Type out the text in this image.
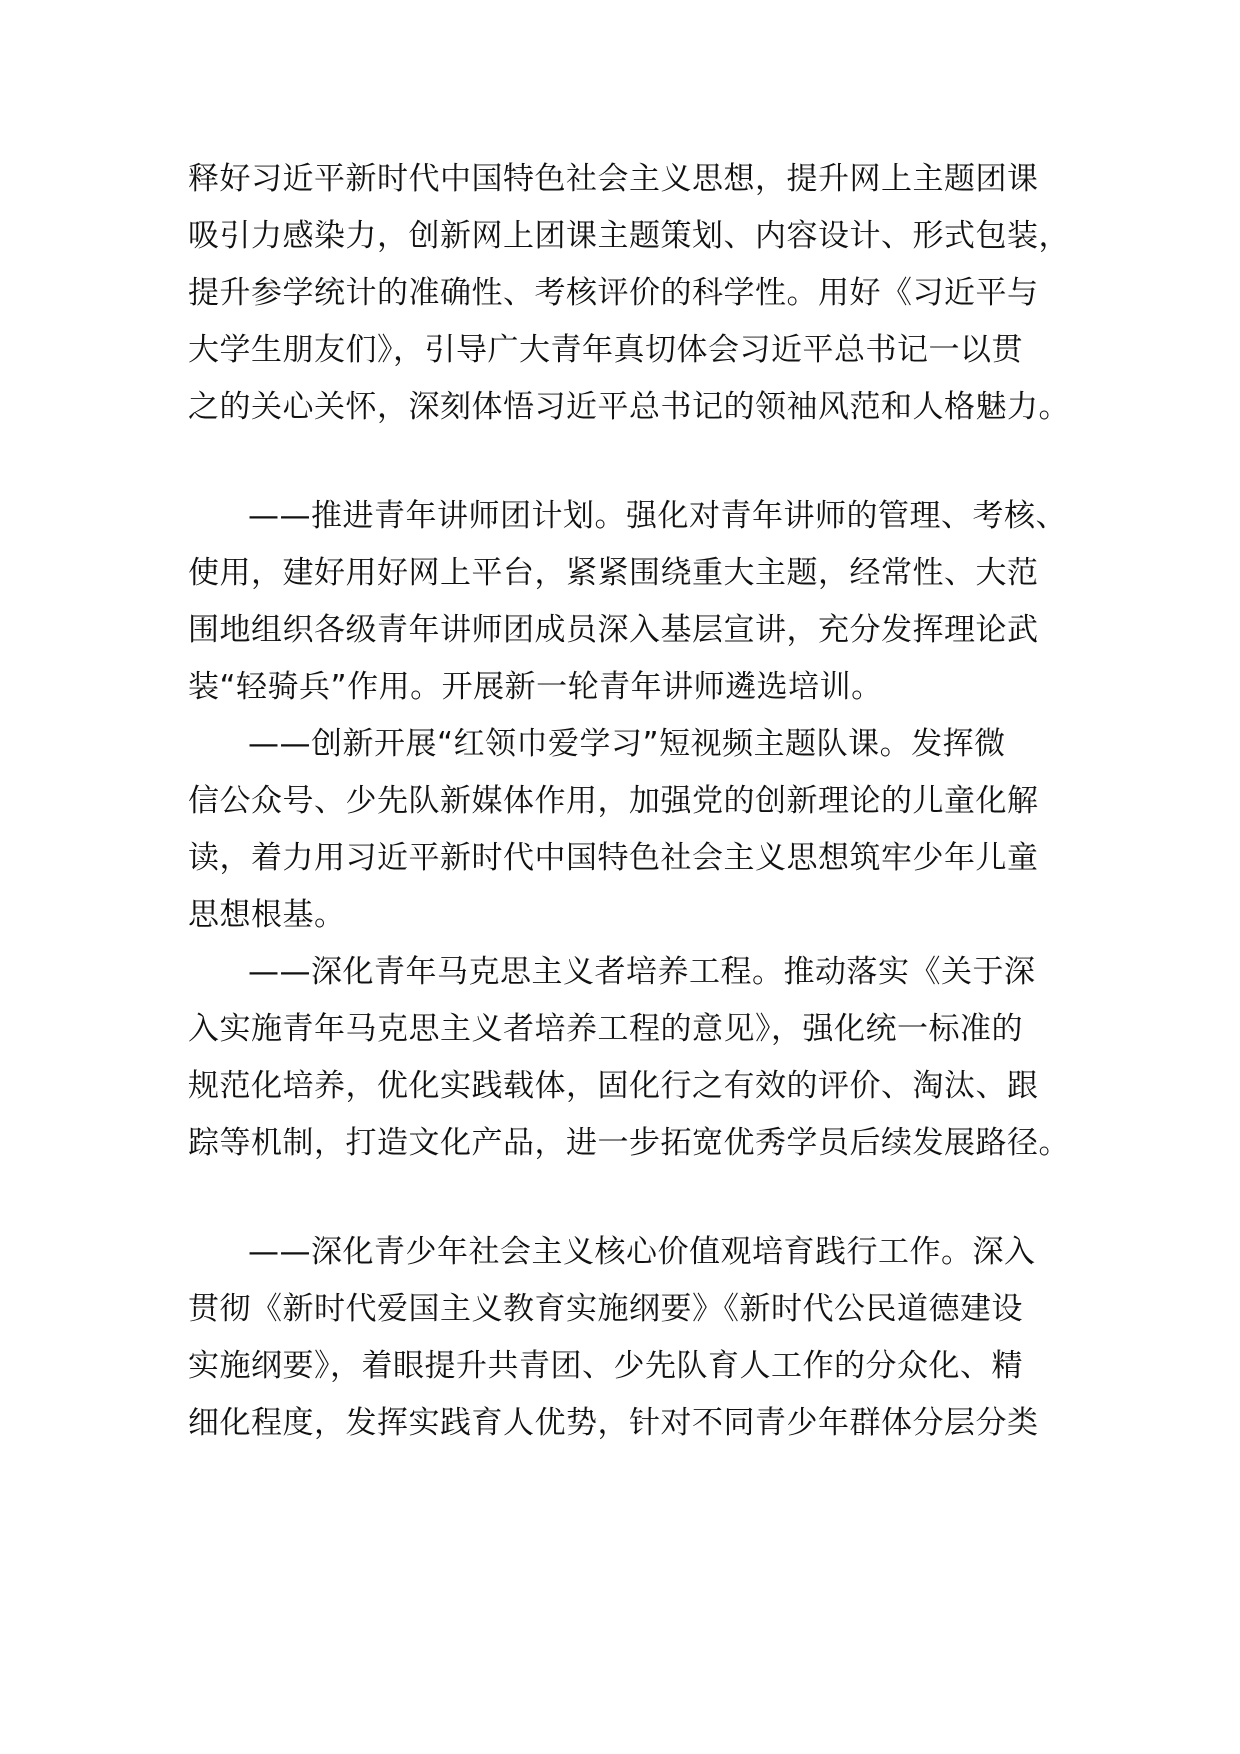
释好习近平新时代中国特色社会主义思想，提升网上主题团课
吸引力感染力，创新网上团课主题策划、内容设计、形式包装，
提升参学统计的准确性、考核评价的科学性。用好《习近平与
大学生朋友们》，引导广大青年真切体会习近平总书记一以贯
之的关心关怀，深刻体悟习近平总书记的领袖风范和人格魅力。
——推进青年讲师团计划。强化对青年讲师的管理、考核、
使用，建好用好网上平台，紧紧围绕重大主题，经常性、大范
围地组织各级青年讲师团成员深入基层宣讲，充分发挥理论武
装“轻骑兵”作用。开展新一轮青年讲师遴选培训。
——创新开展“红领巾爱学习”短视频主题队课。发挥微
信公众号、少先队新媒体作用，加强党的创新理论的儿童化解
读，着力用习近平新时代中国特色社会主义思想筑牢少年儿童
思想根基。
——深化青年马克思主义者培养工程。推动落实《关于深
入实施青年马克思主义者培养工程的意见》，强化统一标准的
规范化培养，优化实践载体，固化行之有效的评价、淘汰、跟
踪等机制，打造文化产品，进一步拓宽优秀学员后续发展路径。
——深化青少年社会主义核心价值观培育践行工作。深入
贯彻《新时代爱国主义教育实施纲要》《新时代公民道德建设
实施纲要》，着眼提升共青团、少先队育人工作的分众化、精
细化程度，发挥实践育人优势，针对不同青少年群体分层分类
